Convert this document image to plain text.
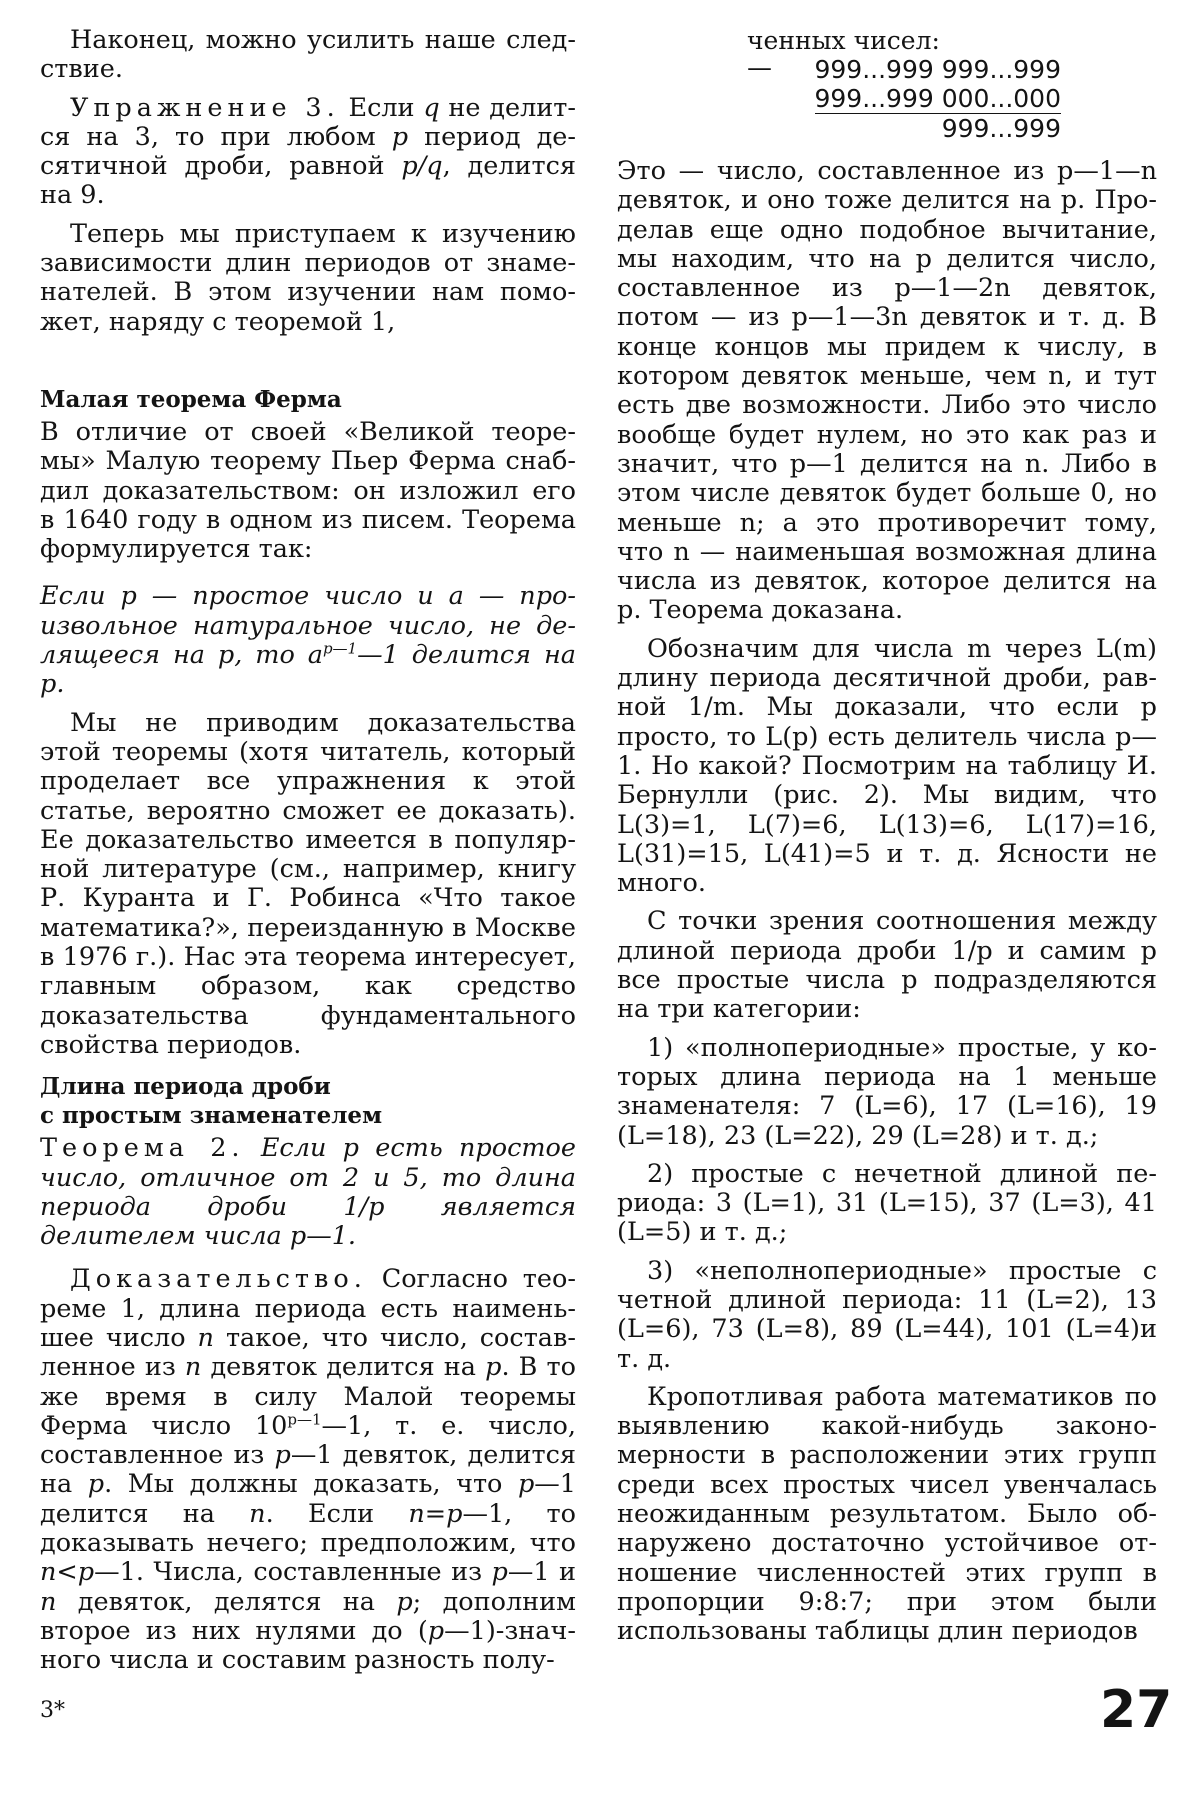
Наконец, можно усилить наше следствие.

Упражнение 3. Если q не делится на 3, то при любом p период десятичной дроби, равной p/q, делится на 9.

Теперь мы приступаем к изучению зависимости длин периодов от знаменателей. В этом изучении нам поможет, наряду с теоремой 1,

Малая теорема Ферма

В отличие от своей «Великой теоремы» Малую теорему Пьер Ферма снабдил доказательством: он изложил его в 1640 году в одном из писем. Теорема формулируется так:

Если p — простое число и a — произвольное натуральное число, не делящееся на p, то $a^{p—1}—1$ делится на p.

Мы не приводим доказательства этой теоремы (хотя читатель, который проделает все упражнения к этой статье, вероятно сможет ее доказать). Ее доказательство имеется в популярной литературе (см., например, книгу Р. Куранта и Г. Робинса «Что такое математика?», переизданную в Москве в 1976 г.). Нас эта теорема интересует, главным образом, как средство доказательства фундаментального свойства периодов.

Длина периода дроби
с простым знаменателем

Теорема 2. Если p есть простое число, отличное от 2 и 5, то длина периода дроби 1/p является делителем числа p—1.

Доказательство. Согласно теореме 1, длина периода есть наименьшее число n такое, что число, составленное из n девяток делится на p. В то же время в силу Малой теоремы Ферма число $10^{p—1}—1$, т. е. число, составленное из p—1 девяток, делится на p. Мы должны доказать, что p—1 делится на n. Если n=p—1, то доказывать нечего; предположим, что n<p—1. Числа, составленные из p—1 и n девяток, делятся на p; дополним второе из них нулями до (p—1)-значного числа и составим разность полу-

ченных чисел:
— 999...999 999...999
999...999 000...000
999...999

Это — число, составленное из p—1—n девяток, и оно тоже делится на p. Проделав еще одно подобное вычитание, мы находим, что на p делится число, составленное из p—1—2n девяток, потом — из p—1—3n девяток и т. д. В конце концов мы придем к числу, в котором девяток меньше, чем n, и тут есть две возможности. Либо это число вообще будет нулем, но это как раз и значит, что p—1 делится на n. Либо в этом числе девяток будет больше 0, но меньше n; а это противоречит тому, что n — наименьшая возможная длина числа из девяток, которое делится на p. Теорема доказана.

Обозначим для числа m через L(m) длину периода десятичной дроби, равной 1/m. Мы доказали, что если p просто, то L(p) есть делитель числа p—1. Но какой? Посмотрим на таблицу И. Бернулли (рис. 2). Мы видим, что L(3)=1, L(7)=6, L(13)=6, L(17)=16, L(31)=15, L(41)=5 и т. д. Ясности не много.

С точки зрения соотношения между длиной периода дроби 1/p и самим p все простые числа p подразделяются на три категории:

1) «полнопериодные» простые, у которых длина периода на 1 меньше знаменателя: 7 (L=6), 17 (L=16), 19 (L=18), 23 (L=22), 29 (L=28) и т. д.;

2) простые с нечетной длиной периода: 3 (L=1), 31 (L=15), 37 (L=3), 41 (L=5) и т. д.;

3) «неполнопериодные» простые с четной длиной периода: 11 (L=2), 13 (L=6), 73 (L=8), 89 (L=44), 101 (L=4)и т. д.

Кропотливая работа математиков по выявлению какой-нибудь закономерности в расположении этих групп среди всех простых чисел увенчалась неожиданным результатом. Было обнаружено достаточно устойчивое отношение численностей этих групп в пропорции 9:8:7; при этом были использованы таблицы длин периодов

3*	27
